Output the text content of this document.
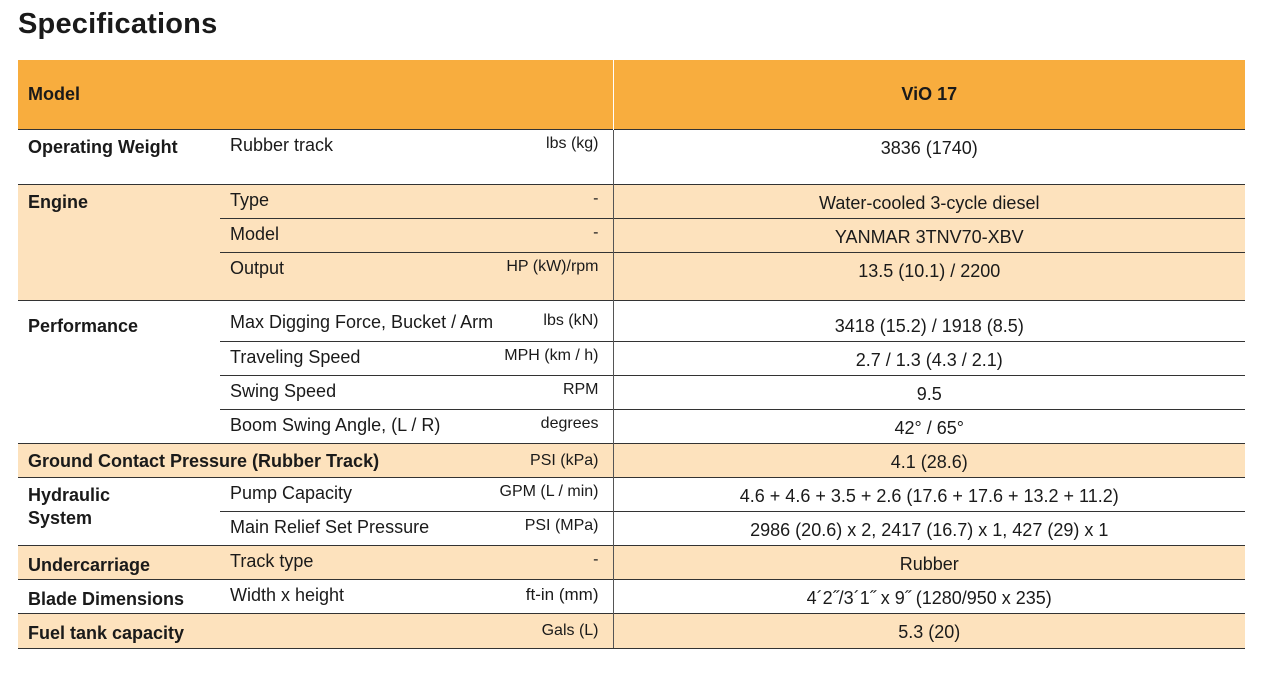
Specifications
Model		ViO 17
Operating Weight	Rubber track lbs (kg)	3836 (1740)
Engine	Type -	Water-cooled 3-cycle diesel
	Model -	YANMAR 3TNV70-XBV
	Output HP (kW)/rpm	13.5 (10.1) / 2200
Performance	Max Digging Force, Bucket / Arm lbs (kN)	3418 (15.2) / 1918 (8.5)
	Traveling Speed MPH (km / h)	2.7 / 1.3 (4.3 / 2.1)
	Swing Speed RPM	9.5
	Boom Swing Angle, (L / R) degrees	42° / 65°
Ground Contact Pressure (Rubber Track) PSI (kPa)		4.1 (28.6)
Hydraulic
System	Pump Capacity GPM (L / min)	4.6 + 4.6 + 3.5 + 2.6 (17.6 + 17.6 + 13.2 + 11.2)
	Main Relief Set Pressure PSI (MPa)	2986 (20.6) x 2, 2417 (16.7) x 1, 427 (29) x 1
Undercarriage	Track type -	Rubber
Blade Dimensions	Width x height ft-in (mm)	4´2˝/3´1˝ x 9˝ (1280/950 x 235)
Fuel tank capacity Gals (L)		5.3 (20)
